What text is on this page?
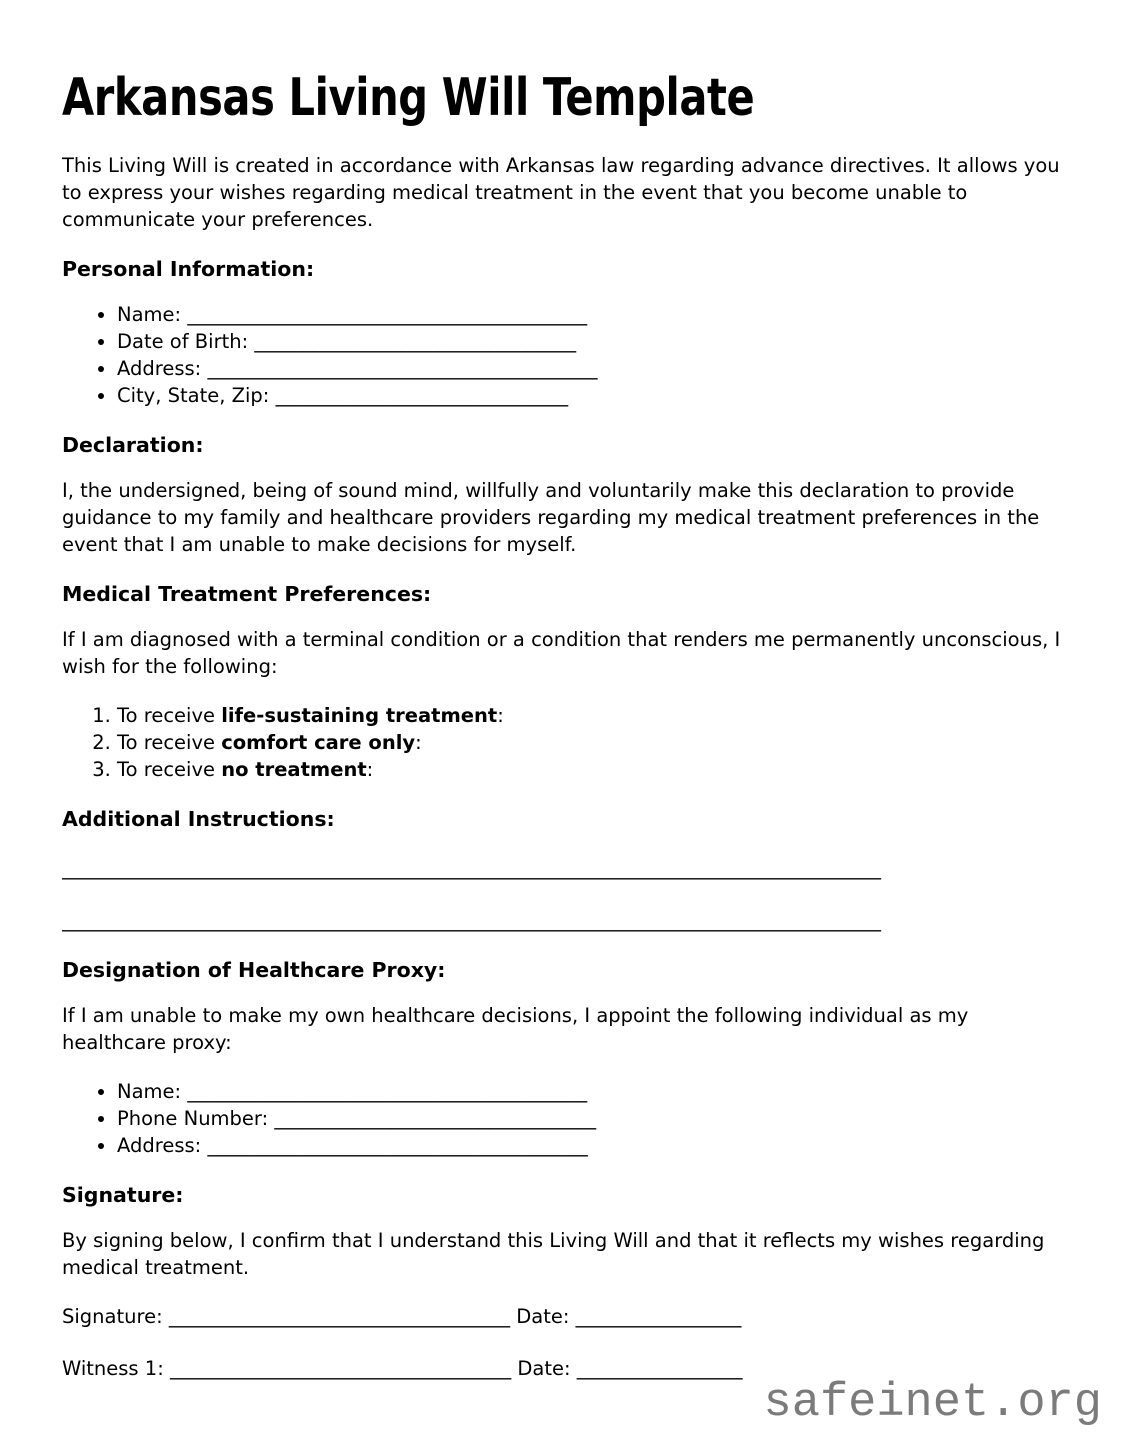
Arkansas Living Will Template

This Living Will is created in accordance with Arkansas law regarding advance directives. It allows you to express your wishes regarding medical treatment in the event that you become unable to communicate your preferences.

Personal Information:
• Name: _________________________________________
• Date of Birth: _________________________________
• Address: ________________________________________
• City, State, Zip: ______________________________
Declaration:

I, the undersigned, being of sound mind, willfully and voluntarily make this declaration to provide guidance to my family and healthcare providers regarding my medical treatment preferences in the event that I am unable to make decisions for myself.

Medical Treatment Preferences:

If I am diagnosed with a terminal condition or a condition that renders me permanently unconscious, I wish for the following:

1. To receive life-sustaining treatment:
2. To receive comfort care only:
3. To receive no treatment:
Additional Instructions:

____________________________________________________________________________________

____________________________________________________________________________________

Designation of Healthcare Proxy:

If I am unable to make my own healthcare decisions, I appoint the following individual as my healthcare proxy:

• Name: _________________________________________
• Phone Number: _________________________________
• Address: _______________________________________
Signature:

By signing below, I confirm that I understand this Living Will and that it reflects my wishes regarding medical treatment.

Signature: ___________________________________ Date: _________________

Witness 1: ___________________________________ Date: _________________

safeinet.org
